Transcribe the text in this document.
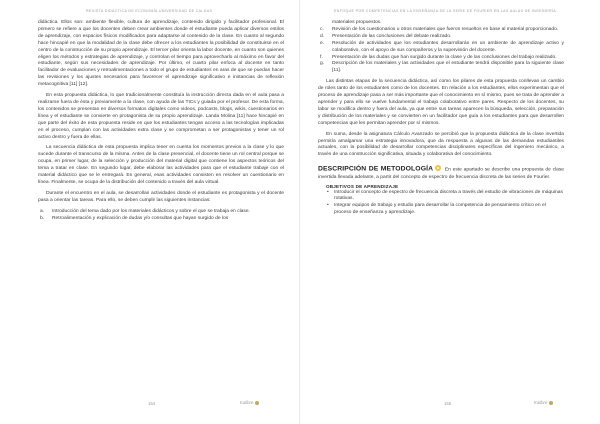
REVISTA DIDÁCTICA DE ECONOMÍA UNIVERSIDAD DE CALDAS

didáctica. Ellos son: ambiente flexible, cultura de aprendizaje, contenido dirigido y facilitador profesional. El primero se refiere a que los docentes deben crear ambientes donde el estudiante pueda aplicar diversos estilos de aprendizaje, con espacios físicos modificados para adaptarse al contenido de la clase. En cuanto al segundo hace hincapié en que la modalidad de la clase debe ofrecer a los estudiantes la posibilidad de constituirse en el centro de la construcción de su propio aprendizaje. El tercer pilar orienta la labor docente, en cuanto son quienes eligen los métodos y estrategias de aprendizaje, y controlan el tiempo para aprovecharlo al máximo en favor del estudiante, según sus necesidades de aprendizaje. Por último, el cuarto pilar enfoca al docente en tanto facilitador de evaluaciones y retroalimentaciones a todo el grupo de estudiantes en aras de que se puedan hacer las revisiones y los ajustes necesarios para favorecer el aprendizaje significativo e instancias de reflexión metacognitiva [11] [12].

En esta propuesta didáctica, lo que tradicionalmente constituía la instrucción directa dada en el aula pasa a realizarse fuera de ésta y previamente a la clase, con ayuda de las TICs y guiada por el profesor. De esta forma, los contenidos se presentan en diversos formatos digitales como videos, podcasts, blogs, wikis, cuestionarios en línea y el estudiante se convierte en protagonista de su propio aprendizaje. Landa Molina [11] hace hincapié en que parte del éxito de esta propuesta reside en que los estudiantes tengan acceso a las tecnologías implicadas en el proceso, cumplan con las actividades extra clase y se comprometan a ser protagonistas y tener un rol activo dentro y fuera de ellas.

La secuencia didáctica de esta propuesta implica tener en cuenta los momentos previos a la clase y lo que sucede durante el transcurso de la misma. Antes de la clase presencial, el docente tiene un rol central porque se ocupa, en primer lugar, de la selección y producción del material digital que contiene los aspectos teóricos del tema a tratar en clase. En segundo lugar, debe elaborar las actividades para que el estudiante trabaje con el material didáctico que se le entregará. En general, esas actividades consisten en resolver un cuestionario en línea. Finalmente, se ocupa de la distribución del contenido a través del aula virtual.

Durante el encuentro en el aula, se desarrollan actividades donde el estudiante es protagonista y el docente pasa a orientar las tareas. Para ello, se deben cumplir las siguientes instancias:

a. Introducción del tema dado por los materiales didácticos y sobre el que se trabaja en clase.
b. Retroalimentación y explicación de dudas y/o consultas que hayan surgido de los
154	Kalibre
ENFOQUE POR COMPETENCIAS EN LA ENSEÑANZA DE LA SERIE DE FOURIER EN LAS AULAS DE INGENIERÍA
materiales propuestos.
c. Revisión de los cuestionarios u otros materiales que fueron resueltos en base al material proporcionado.
d. Presentación de las conclusiones del debate realizado.
e. Resolución de actividades que los estudiantes desarrollarán en un ambiente de aprendizaje activo y colaborativo, con el apoyo de sus compañeros y la supervisión del docente.
f. Presentación de las dudas que han surgido durante la clase y de las conclusiones del trabajo realizado.
g. Descripción de los materiales y las actividades que el estudiante tendrá disponible para la siguiente clase [11].

Las distintas etapas de la secuencia didáctica, así como los pilares de esta propuesta conllevan un cambio de roles tanto de los estudiantes como de los docentes. En relación a los estudiantes, ellos experimentan que el proceso de aprendizaje pasa a ser más importante que el conocimiento en sí mismo, pues se trata de aprender a aprender y para ello se vuelve fundamental el trabajo colaborativo entre pares. Respecto de los docentes, su labor se modifica dentro y fuera del aula, ya que entre sus tareas aparecen la búsqueda, selección, preparación y distribución de los materiales y se convierten en un facilitador que guía a los estudiantes para que desarrollen competencias que les permitan aprender por sí mismos.

En suma, desde la asignatura Cálculo Avanzado se percibió que la propuesta didáctica de la clase invertida permitía amalgamar una estrategia innovadora, que da respuesta a algunas de las demandas estudiantiles actuales, con la posibilidad de desarrollar competencias disciplinares específicas del ingeniero mecánico, a través de una construcción significativa, situada y colaborativa del conocimiento.

DESCRIPCIÓN DE METODOLOGÍA En este apartado se describe una propuesta de clase invertida llevada adelante, a partir del concepto de espectro de frecuencia discreta de las series de Fourier.
OBJETIVOS DE APRENDIZAJE
• Introducir el concepto de espectro de frecuencia discreta a través del estudio de vibraciones de máquinas rotativas.
• Integrar equipos de trabajo y estudio para desarrollar la competencia de pensamiento crítico en el proceso de enseñanza y aprendizaje.
155	Kalibre
